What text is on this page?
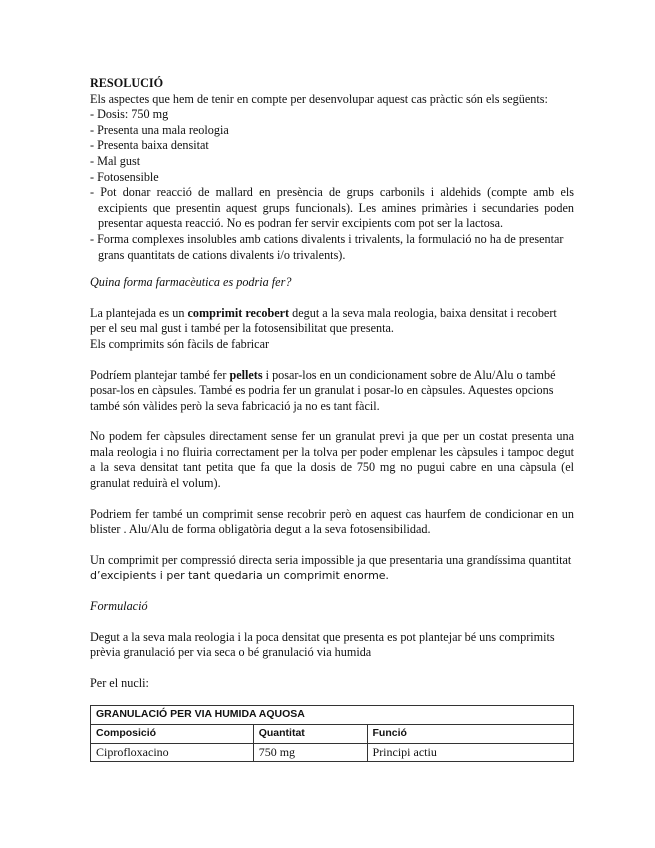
RESOLUCIÓ

Els aspectes que hem de tenir en compte per desenvolupar aquest cas pràctic són els següents:

- Dosis: 750 mg
- Presenta una mala reologia
- Presenta baixa densitat
- Mal gust
- Fotosensible
- Pot donar reacció de mallard en presència de grups carbonils i aldehids (compte amb els excipients que presentin aquest grups funcionals). Les amines primàries i secundaries poden presentar aquesta reacció. No es podran fer servir excipients com pot ser la lactosa.
- Forma complexes insolubles amb cations divalents i trivalents, la formulació no ha de presentar grans quantitats de cations divalents i/o trivalents).

Quina forma farmacèutica es podria fer?

La plantejada es un comprimit recobert degut a la seva mala reologia, baixa densitat i recobert per el seu mal gust i també per la fotosensibilitat que presenta.

Els comprimits són fàcils de fabricar

Podríem plantejar també fer pellets i posar-los en un condicionament sobre de Alu/Alu o també posar-los en càpsules. També es podria fer un granulat i posar-lo en càpsules. Aquestes opcions també són vàlides però la seva fabricació ja no es tant fàcil.

No podem fer càpsules directament sense fer un granulat previ ja que per un costat presenta una mala reologia i no fluiria correctament per la tolva per poder emplenar les càpsules i tampoc degut a la seva densitat tant petita que fa que la dosis de 750 mg no pugui cabre en una càpsula (el granulat reduirà el volum).

Podriem fer també un comprimit sense recobrir però en aquest cas haurfem de condicionar en un blister . Alu/Alu de forma obligatòria degut a la seva fotosensibilidad.

Un comprimit per compressió directa seria impossible ja que presentaria una grandíssima quantitat d’excipients i per tant quedaria un comprimit enorme.

Formulació

Degut a la seva mala reologia i la poca densitat que presenta es pot plantejar bé uns comprimits prèvia granulació per via seca o bé granulació via humida

Per el nucli:

GRANULACIÓ PER VIA HUMIDA AQUOSA		
Composició	Quantitat	Funció
Ciprofloxacino	750 mg	Principi actiu
